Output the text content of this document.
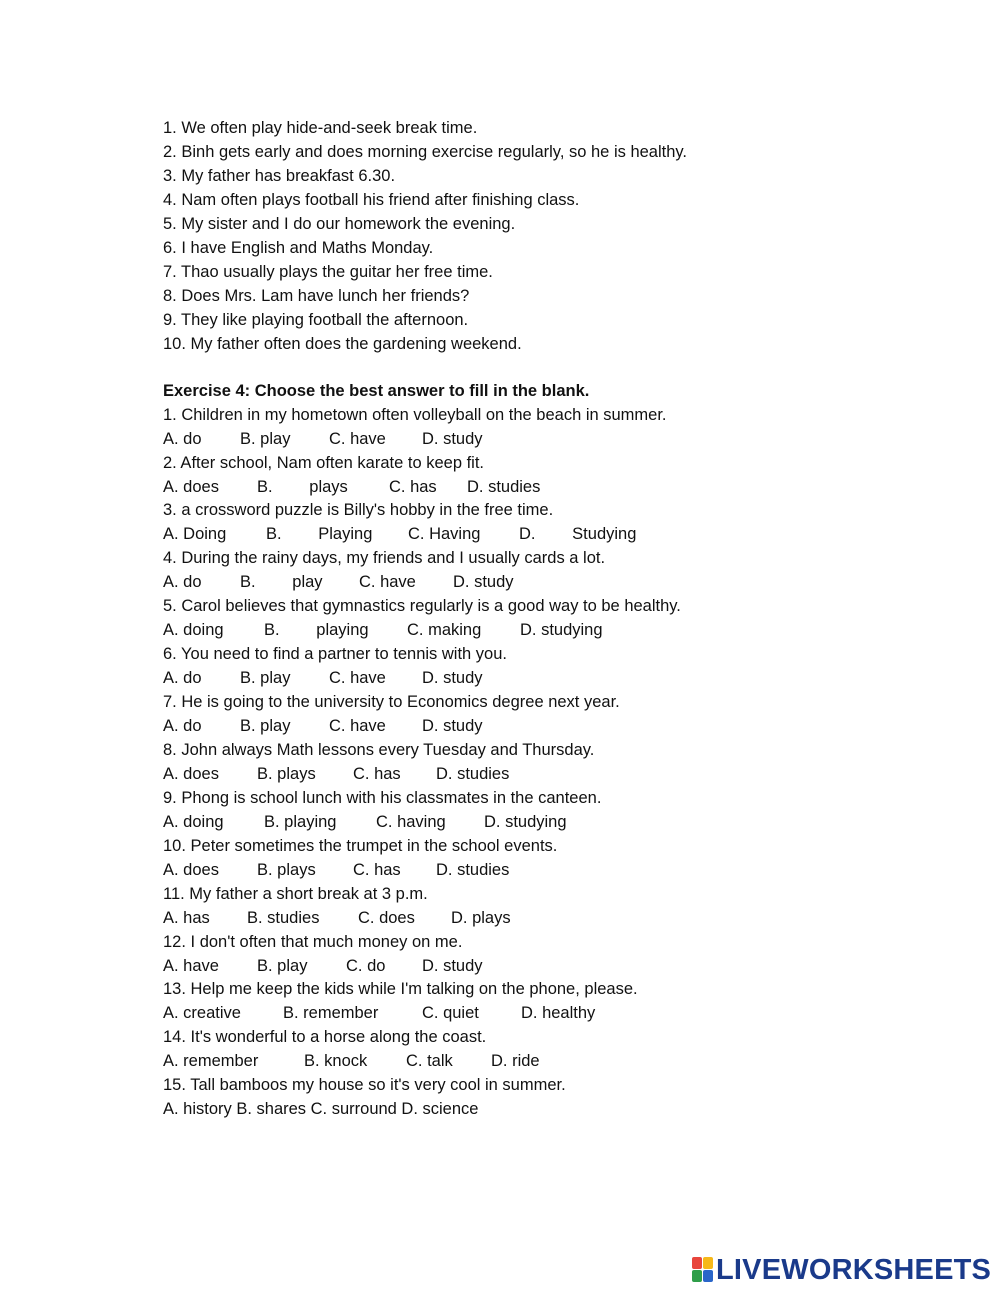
1. We often play hide-and-seek break time.
2. Binh gets early and does morning exercise regularly, so he is healthy.
3. My father has breakfast 6.30.
4. Nam often plays football his friend after finishing class.
5. My sister and I do our homework the evening.
6. I have English and Maths Monday.
7. Thao usually plays the guitar her free time.
8. Does Mrs. Lam have lunch her friends?
9. They like playing football the afternoon.
10. My father often does the gardening weekend.
Exercise 4: Choose the best answer to fill in the blank.
1. Children in my hometown often volleyball on the beach in summer.

A. do

B. play

C. have

D. study

2. After school, Nam often karate to keep fit.

A. does

B.        plays

C. has

D. studies

3. a crossword puzzle is Billy's hobby in the free time.

A. Doing

B.        Playing

C. Having

D.        Studying

4. During the rainy days, my friends and I usually cards a lot.

A. do

B.        play

C. have

D. study

5. Carol believes that gymnastics regularly is a good way to be healthy.

A. doing

B.        playing

C. making

D. studying

6. You need to find a partner to tennis with you.

A. do

B. play

C. have

D. study

7. He is going to the university to Economics degree next year.

A. do

B. play

C. have

D. study

8. John always Math lessons every Tuesday and Thursday.

A. does

B. plays

C. has

D. studies

9. Phong is school lunch with his classmates in the canteen.

A. doing

B. playing

C. having

D. studying

10. Peter sometimes the trumpet in the school events.

A. does

B. plays

C. has

D. studies

11. My father a short break at 3 p.m.

A. has

B. studies

C. does

D. plays

12. I don't often that much money on me.

A. have

B. play

C. do

D. study

13. Help me keep the kids while I'm talking on the phone, please.

A. creative

	B. remember

	C. quiet

	D. healthy

14. It's wonderful to a horse along the coast.

A. remember

	B. knock

C. talk

D. ride

15. Tall bamboos my house so it's very cool in summer.
A. history B. shares C. surround D. science
LIVEWORKSHEETS
